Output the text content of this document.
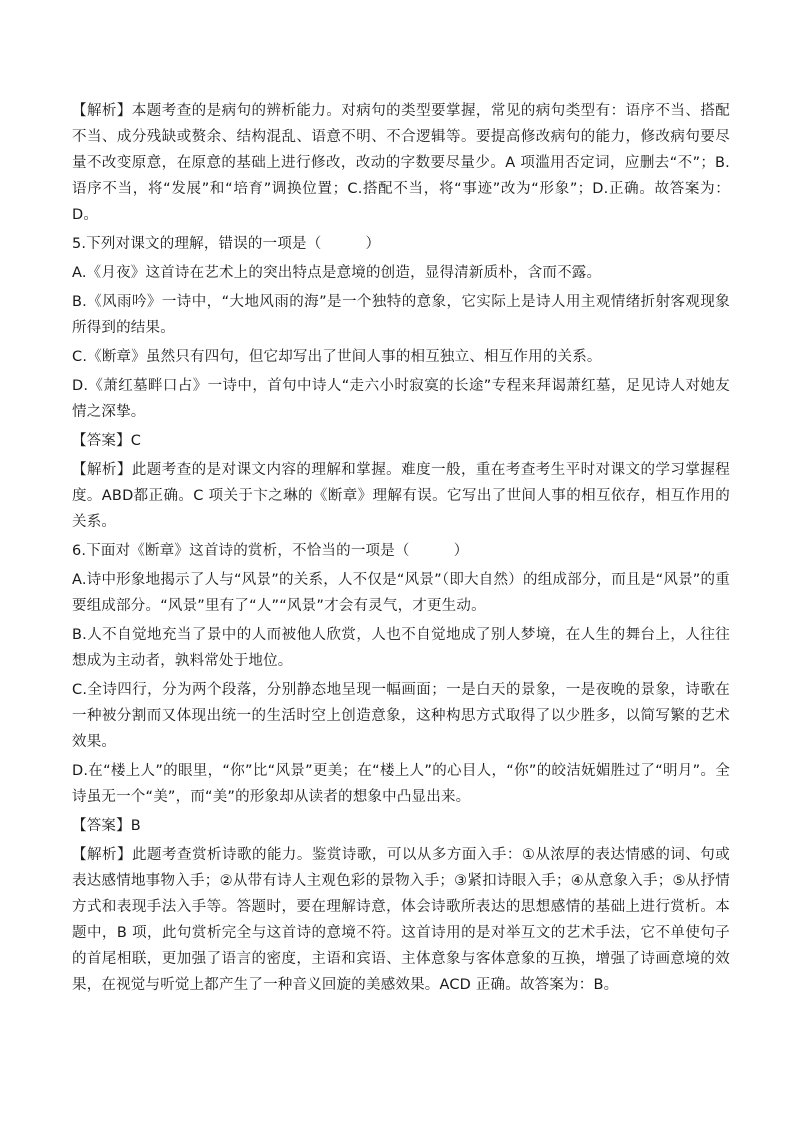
【解析】本题考查的是病句的辨析能力。对病句的类型要掌握，常见的病句类型有：语序不当、搭配不当、成分残缺或赘余、结构混乱、语意不明、不合逻辑等。要提高修改病句的能力，修改病句要尽量不改变原意，在原意的基础上进行修改，改动的字数要尽量少。A 项滥用否定词，应删去“不”；B.语序不当，将“发展”和“培育”调换位置；C.搭配不当，将“事迹”改为“形象”；D.正确。故答案为：D。

5.下列对课文的理解，错误的一项是（　　　）

A.《月夜》这首诗在艺术上的突出特点是意境的创造，显得清新质朴，含而不露。

B.《风雨吟》一诗中，“大地风雨的海”是一个独特的意象，它实际上是诗人用主观情绪折射客观现象所得到的结果。

C.《断章》虽然只有四句，但它却写出了世间人事的相互独立、相互作用的关系。

D.《萧红墓畔口占》一诗中，首句中诗人“走六小时寂寞的长途”专程来拜谒萧红墓，足见诗人对她友情之深挚。

【答案】C

【解析】此题考查的是对课文内容的理解和掌握。难度一般，重在考查考生平时对课文的学习掌握程度。ABD都正确。C 项关于卞之琳的《断章》理解有误。它写出了世间人事的相互依存，相互作用的关系。

6.下面对《断章》这首诗的赏析，不恰当的一项是（　　　）

A.诗中形象地揭示了人与“风景”的关系，人不仅是“风景”（即大自然）的组成部分，而且是“风景”的重要组成部分。“风景”里有了“人”“风景”才会有灵气，才更生动。

B.人不自觉地充当了景中的人而被他人欣赏，人也不自觉地成了别人梦境，在人生的舞台上，人往往想成为主动者，孰料常处于地位。

C.全诗四行，分为两个段落，分别静态地呈现一幅画面；一是白天的景象，一是夜晚的景象，诗歌在一种被分割而又体现出统一的生活时空上创造意象，这种构思方式取得了以少胜多，以简写繁的艺术效果。

D.在“楼上人”的眼里，“你”比“风景”更美；在“楼上人”的心目人，“你”的皎洁妩媚胜过了“明月”。全诗虽无一个“美”，而“美”的形象却从读者的想象中凸显出来。

【答案】B

【解析】此题考查赏析诗歌的能力。鉴赏诗歌，可以从多方面入手：①从浓厚的表达情感的词、句或表达感情地事物入手；②从带有诗人主观色彩的景物入手；③紧扣诗眼入手；④从意象入手；⑤从抒情方式和表现手法入手等。答题时，要在理解诗意，体会诗歌所表达的思想感情的基础上进行赏析。本题中，B 项，此句赏析完全与这首诗的意境不符。这首诗用的是对举互文的艺术手法，它不单使句子的首尾相联，更加强了语言的密度，主语和宾语、主体意象与客体意象的互换，增强了诗画意境的效果，在视觉与听觉上都产生了一种音义回旋的美感效果。ACD 正确。故答案为：B。
